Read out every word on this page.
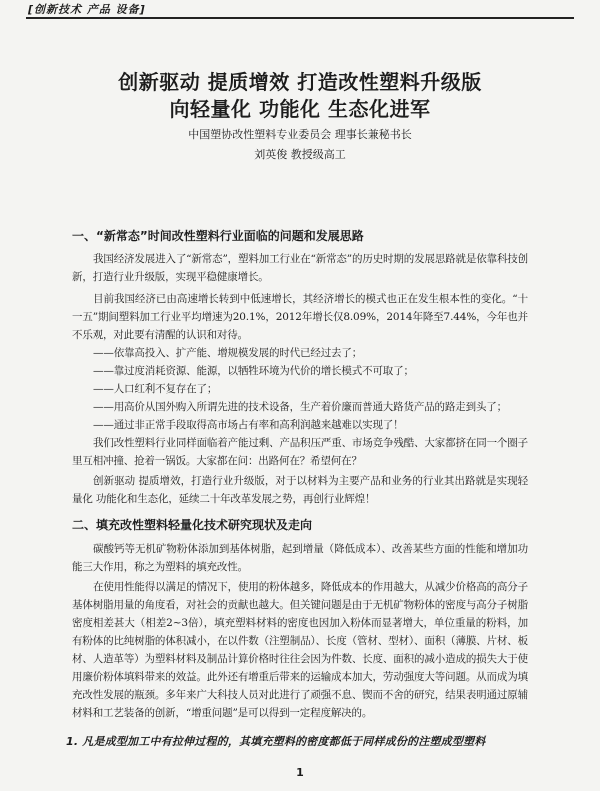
[创新技术 产品 设备]
创新驱动 提质增效 打造改性塑料升级版
向轻量化 功能化 生态化进军
中国塑协改性塑料专业委员会 理事长兼秘书长
刘英俊 教授级高工
一、“新常态”时间改性塑料行业面临的问题和发展思路
我国经济发展进入了“新常态”，塑料加工行业在“新常态”的历史时期的发展思路就是依靠科技创新，打造行业升级版，实现平稳健康增长。
目前我国经济已由高速增长转到中低速增长，其经济增长的模式也正在发生根本性的变化。“十一五”期间塑料加工行业平均增速为20.1%，2012年增长仅8.09%，2014年降至7.44%，今年也并不乐观，对此要有清醒的认识和对待。
——依靠高投入、扩产能、增规模发展的时代已经过去了；
——靠过度消耗资源、能源，以牺牲环境为代价的增长模式不可取了；
——人口红利不复存在了；
——用高价从国外购入所谓先进的技术设备，生产着价廉而普通大路货产品的路走到头了；
——通过非正常手段取得高市场占有率和高利润越来越难以实现了！
我们改性塑料行业同样面临着产能过剩、产品积压严重、市场竞争残酷、大家都挤在同一个圈子里互相冲撞、抢着一锅饭。大家都在问：出路何在？希望何在？
创新驱动 提质增效，打造行业升级版，对于以材料为主要产品和业务的行业其出路就是实现轻量化 功能化和生态化，延续二十年改革发展之势，再创行业辉煌！
二、填充改性塑料轻量化技术研究现状及走向
碳酸钙等无机矿物粉体添加到基体树脂，起到增量（降低成本）、改善某些方面的性能和增加功能三大作用，称之为塑料的填充改性。
在使用性能得以满足的情况下，使用的粉体越多，降低成本的作用越大，从减少价格高的高分子基体树脂用量的角度看，对社会的贡献也越大。但关键问题是由于无机矿物粉体的密度与高分子树脂密度相差甚大（相差2~3倍），填充塑料材料的密度也因加入粉体而显著增大，单位重量的粉料，加有粉体的比纯树脂的体积减小，在以件数（注塑制品）、长度（管材、型材）、面积（薄膜、片材、板材、人造革等）为塑料材料及制品计算价格时往往会因为件数、长度、面积的减小造成的损失大于使用廉价粉体填料带来的效益。此外还有增重后带来的运输成本加大，劳动强度大等问题。从而成为填充改性发展的瓶颈。多年来广大科技人员对此进行了顽强不息、锲而不舍的研究，结果表明通过原辅材料和工艺装备的创新，“增重问题”是可以得到一定程度解决的。
1. 凡是成型加工中有拉伸过程的，其填充塑料的密度都低于同样成份的注塑成型塑料
1
